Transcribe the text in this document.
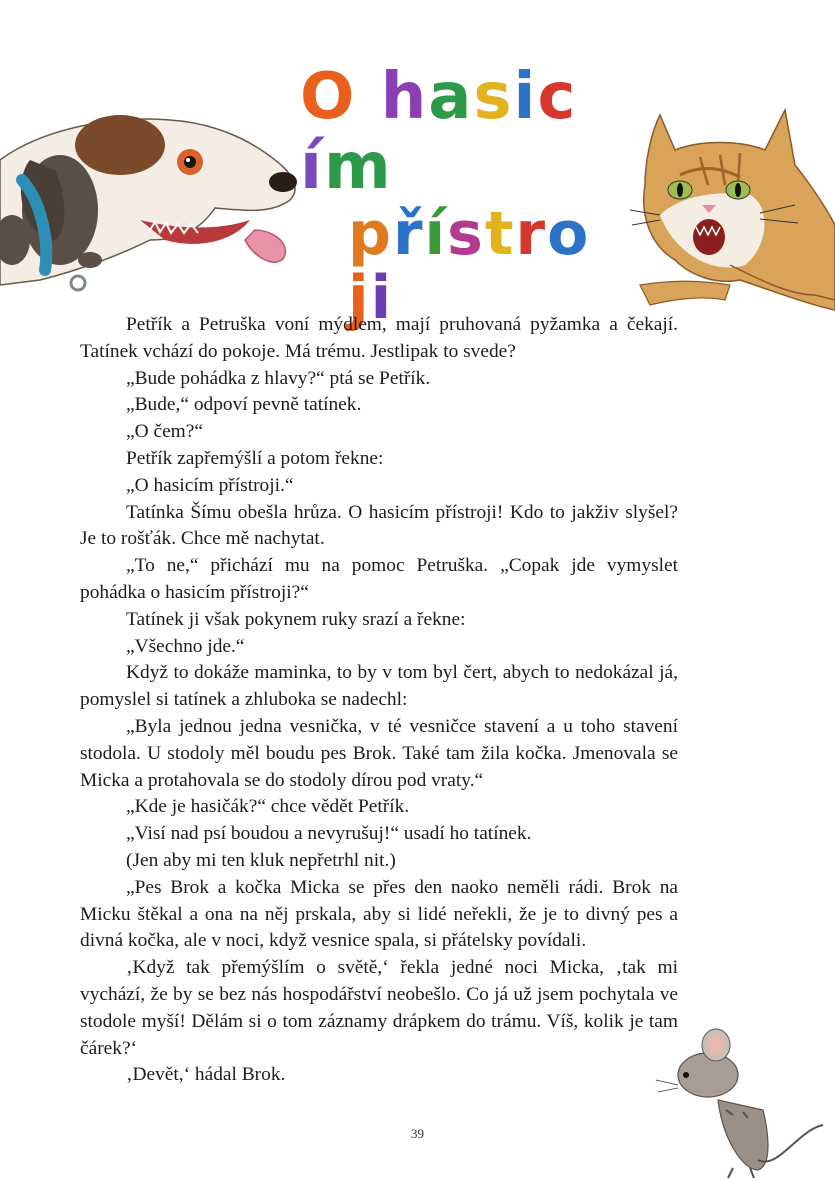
O hasicím
přístroji

Petřík a Petruška voní mýdlem, mají pruhovaná pyžamka a čekají. Tatínek vchází do pokoje. Má trému. Jestlipak to svede?

„Bude pohádka z hlavy?“ ptá se Petřík.

„Bude,“ odpoví pevně tatínek.

„O čem?“

Petřík zapřemýšlí a potom řekne:

„O hasicím přístroji.“

Tatínka Šímu obešla hrůza. O hasicím přístroji! Kdo to jakživ slyšel? Je to rošťák. Chce mě nachytat.

„To ne,“ přichází mu na pomoc Petruška. „Copak jde vymyslet pohádka o hasicím přístroji?“

Tatínek ji však pokynem ruky srazí a řekne:

„Všechno jde.“

Když to dokáže maminka, to by v tom byl čert, abych to nedokázal já, pomyslel si tatínek a zhluboka se nadechl:

„Byla jednou jedna vesnička, v té vesničce stavení a u toho stavení stodola. U stodoly měl boudu pes Brok. Také tam žila kočka. Jmenovala se Micka a protahovala se do stodoly dírou pod vraty.“

„Kde je hasičák?“ chce vědět Petřík.

„Visí nad psí boudou a nevyrušuj!“ usadí ho tatínek.

(Jen aby mi ten kluk nepřetrhl nit.)

„Pes Brok a kočka Micka se přes den naoko neměli rádi. Brok na Micku štěkal a ona na něj prskala, aby si lidé neřekli, že je to divný pes a divná kočka, ale v noci, když vesnice spala, si přátelsky povídali.

‚Když tak přemýšlím o světě,‘ řekla jedné noci Micka, ‚tak mi vychází, že by se bez nás hospodářství neobešlo. Co já už jsem pochytala ve stodole myší! Dělám si o tom záznamy drápkem do trámu. Víš, kolik je tam čárek?‘

‚Devět,‘ hádal Brok.

39
